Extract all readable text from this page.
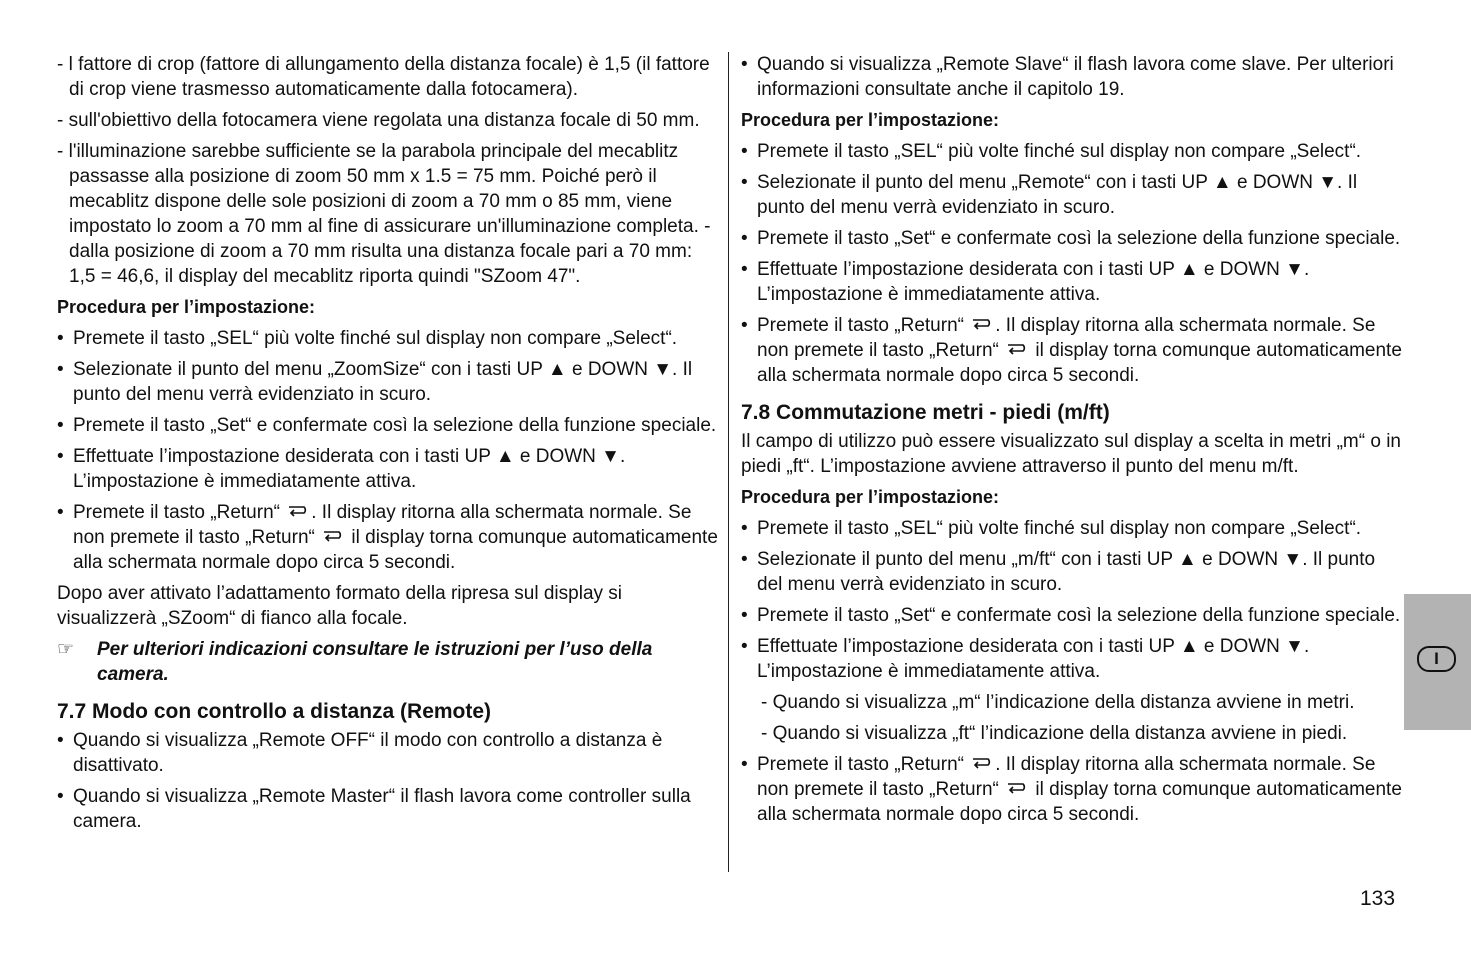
- l fattore di crop (fattore di allungamento della distanza focale) è 1,5 (il fattore di crop viene trasmesso automaticamente dalla fotocamera).

- sull'obiettivo della fotocamera viene regolata una distanza focale di 50 mm.

- l'illuminazione sarebbe sufficiente se la parabola principale del mecablitz passasse alla posizione di zoom 50 mm x 1.5 = 75 mm. Poiché però il mecablitz dispone delle sole posizioni di zoom a 70 mm o 85 mm, viene impostato lo zoom a 70 mm al fine di assicurare un'illuminazione completa. - dalla posizione di zoom a 70 mm risulta una distanza focale pari a 70 mm: 1,5 = 46,6, il display del mecablitz riporta quindi "SZoom 47".

Procedura per l’impostazione:

• Premete il tasto „SEL“ più volte finché sul display non compare „Select“.
• Selezionate il punto del menu „ZoomSize“ con i tasti UP ▲ e DOWN ▼. Il punto del menu verrà evidenziato in scuro.
• Premete il tasto „Set“ e confermate così la selezione della funzione speciale.
• Effettuate l’impostazione desiderata con i tasti UP ▲ e DOWN ▼. L’impostazione è immediatamente attiva.
• Premete il tasto „Return“ . Il display ritorna alla schermata normale. Se non premete il tasto „Return“ il display torna comunque automaticamente alla schermata normale dopo circa 5 secondi.

Dopo aver attivato l’adattamento formato della ripresa sul display si visualizzerà „SZoom“ di fianco alla focale.

☞ Per ulteriori indicazioni consultare le istruzioni per l’uso della camera.
7.7 Modo con controllo a distanza (Remote)
• Quando si visualizza „Remote OFF“ il modo con controllo a distanza è disattivato.
• Quando si visualizza „Remote Master“ il flash lavora come controller sulla camera.
• Quando si visualizza „Remote Slave“ il flash lavora come slave. Per ulteriori informazioni consultate anche il capitolo 19.

Procedura per l’impostazione:

• Premete il tasto „SEL“ più volte finché sul display non compare „Select“.
• Selezionate il punto del menu „Remote“ con i tasti UP ▲ e DOWN ▼. Il punto del menu verrà evidenziato in scuro.
• Premete il tasto „Set“ e confermate così la selezione della funzione speciale.
• Effettuate l’impostazione desiderata con i tasti UP ▲ e DOWN ▼. L’impostazione è immediatamente attiva.
• Premete il tasto „Return“ . Il display ritorna alla schermata normale. Se non premete il tasto „Return“ il display torna comunque automaticamente alla schermata normale dopo circa 5 secondi.
7.8 Commutazione metri - piedi (m/ft)

Il campo di utilizzo può essere visualizzato sul display a scelta in metri „m“ o in piedi „ft“. L’impostazione avviene attraverso il punto del menu m/ft.

Procedura per l’impostazione:

• Premete il tasto „SEL“ più volte finché sul display non compare „Select“.
• Selezionate il punto del menu „m/ft“ con i tasti UP ▲ e DOWN ▼. Il punto del menu verrà evidenziato in scuro.
• Premete il tasto „Set“ e confermate così la selezione della funzione speciale.
• Effettuate l’impostazione desiderata con i tasti UP ▲ e DOWN ▼. L’impostazione è immediatamente attiva.

- Quando si visualizza „m“ l’indicazione della distanza avviene in metri.

- Quando si visualizza „ft“ l’indicazione della distanza avviene in piedi.

• Premete il tasto „Return“ . Il display ritorna alla schermata normale. Se non premete il tasto „Return“ il display torna comunque automaticamente alla schermata normale dopo circa 5 secondi.
I
133
